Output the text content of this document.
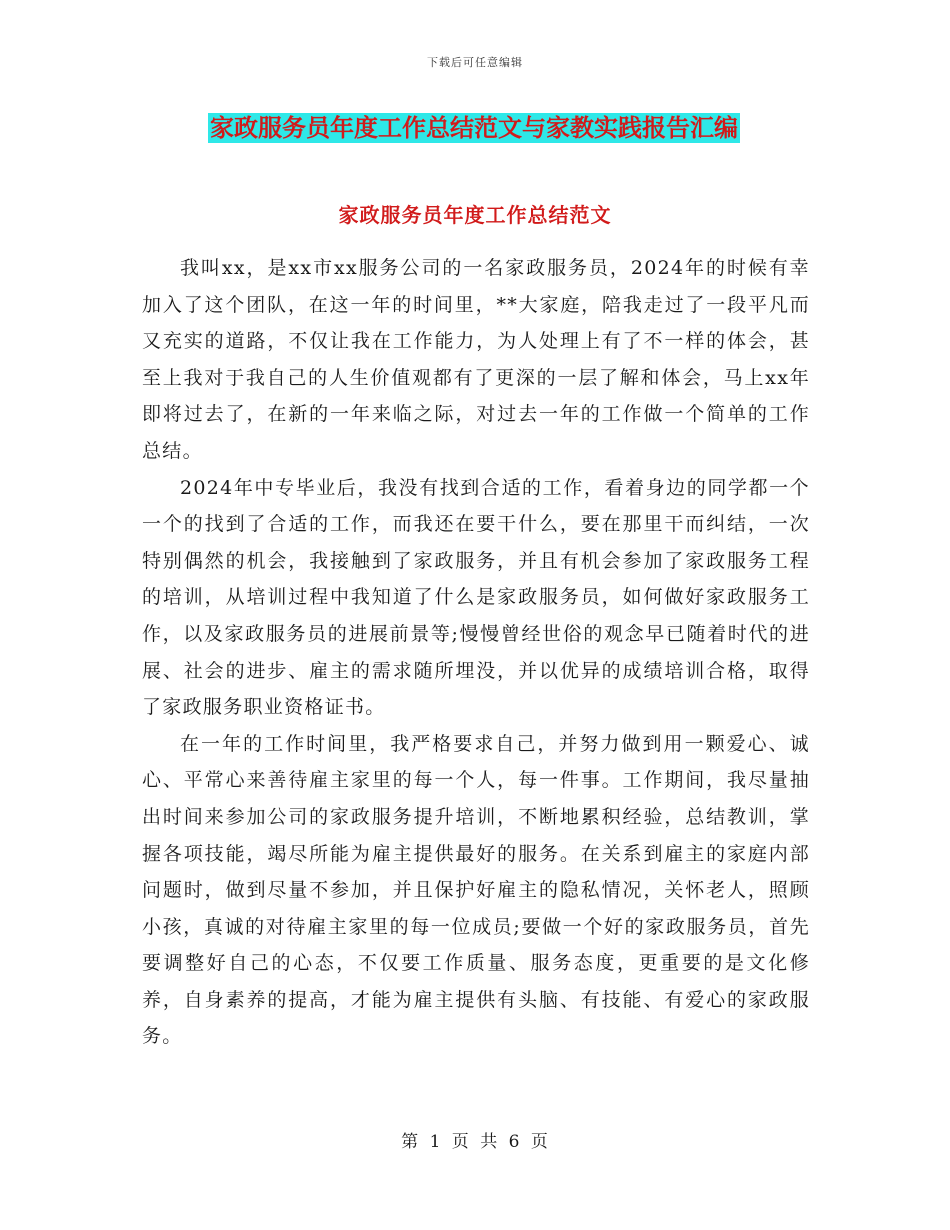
下载后可任意编辑
家政服务员年度工作总结范文与家教实践报告汇编
家政服务员年度工作总结范文

我叫xx，是xx市xx服务公司的一名家政服务员，2024年的时候有幸加入了这个团队，在这一年的时间里，**大家庭，陪我走过了一段平凡而又充实的道路，不仅让我在工作能力，为人处理上有了不一样的体会，甚至上我对于我自己的人生价值观都有了更深的一层了解和体会，马上xx年即将过去了，在新的一年来临之际，对过去一年的工作做一个简单的工作总结。

2024年中专毕业后，我没有找到合适的工作，看着身边的同学都一个一个的找到了合适的工作，而我还在要干什么，要在那里干而纠结，一次特别偶然的机会，我接触到了家政服务，并且有机会参加了家政服务工程的培训，从培训过程中我知道了什么是家政服务员，如何做好家政服务工作，以及家政服务员的进展前景等;慢慢曾经世俗的观念早已随着时代的进展、社会的进步、雇主的需求随所埋没，并以优异的成绩培训合格，取得了家政服务职业资格证书。

在一年的工作时间里，我严格要求自己，并努力做到用一颗爱心、诚心、平常心来善待雇主家里的每一个人，每一件事。工作期间，我尽量抽出时间来参加公司的家政服务提升培训，不断地累积经验，总结教训，掌握各项技能，竭尽所能为雇主提供最好的服务。在关系到雇主的家庭内部问题时，做到尽量不参加，并且保护好雇主的隐私情况，关怀老人，照顾小孩，真诚的对待雇主家里的每一位成员;要做一个好的家政服务员，首先要调整好自己的心态，不仅要工作质量、服务态度，更重要的是文化修养，自身素养的提高，才能为雇主提供有头脑、有技能、有爱心的家政服务。

第 1 页 共 6 页
